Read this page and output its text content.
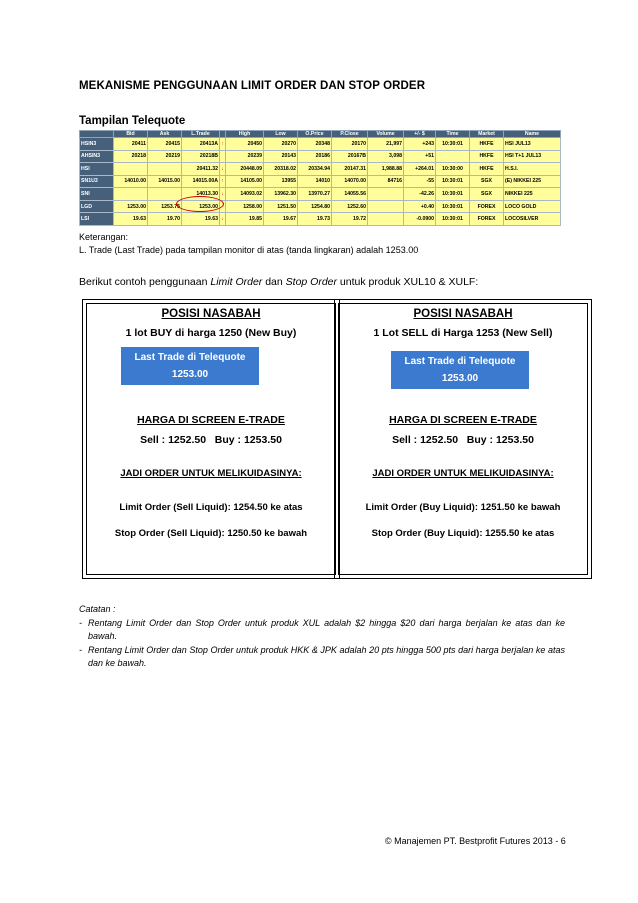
MEKANISME PENGGUNAAN LIMIT ORDER DAN STOP ORDER
Tampilan Telequote
	Bid	Ask	L.Trade		High	Low	O.Price	P.Close	Volume	+/- $	Time	Market	Name
HSIN3	20411	20415	20413A	↑	20450	20270	20348	20170	21,997	+243	10:30:01	HKFE	HSI JUL13
AHSIN3	20218	20219	20218B		20239	20143	20186	20167B	3,098	+51		HKFE	HSI T+1 JUL13
HSI			20411.32	↓	20448.09	20318.02	20334.94	20147.31	1,988.88	+264.01	10:30:00	HKFE	H.S.I.
SN1U3	14010.00	14015.00	14015.00A	↑	14105.00	13955	14010	14070.00	84716	-55	10:30:01	SGX	(E) NIKKEI 225
SNI			14013.30	↓	14093.02	13962.30	13970.27	14055.56		-42.26	10:30:01	SGX	NIKKEI 225
LGD	1253.00	1253.75	1253.00		1258.00	1251.50	1254.80	1252.60		+0.40	10:30:01	FOREX	LOCO GOLD
LSI	19.63	19.70	19.63	↓	19.85	19.67	19.73	19.72		-0.0900	10:30:01	FOREX	LOCOSILVER
Keterangan:
L. Trade (Last Trade) pada tampilan monitor di atas (tanda lingkaran) adalah 1253.00
Berikut contoh penggunaan Limit Order dan Stop Order untuk produk XUL10 & XULF:
POSISI NASABAH
1 lot BUY di harga 1250 (New Buy)
Last Trade di Telequote
1253.00
HARGA DI SCREEN E-TRADE
Sell : 1252.50   Buy : 1253.50
JADI ORDER UNTUK MELIKUIDASINYA:
Limit Order (Sell Liquid): 1254.50 ke atas
Stop Order (Sell Liquid): 1250.50 ke bawah
POSISI NASABAH
1 Lot SELL di Harga 1253 (New Sell)
Last Trade di Telequote
1253.00
HARGA DI SCREEN E-TRADE
Sell : 1252.50   Buy : 1253.50
JADI ORDER UNTUK MELIKUIDASINYA:
Limit Order (Buy Liquid): 1251.50 ke bawah
Stop Order (Buy Liquid): 1255.50 ke atas
Catatan :
- Rentang Limit Order dan Stop Order untuk produk XUL adalah $2 hingga $20 dari harga berjalan ke atas dan ke bawah.
- Rentang Limit Order dan Stop Order untuk produk HKK & JPK adalah 20 pts hingga 500 pts dari harga berjalan ke atas dan ke bawah.
© Manajemen PT. Bestprofit Futures 2013 - 6
